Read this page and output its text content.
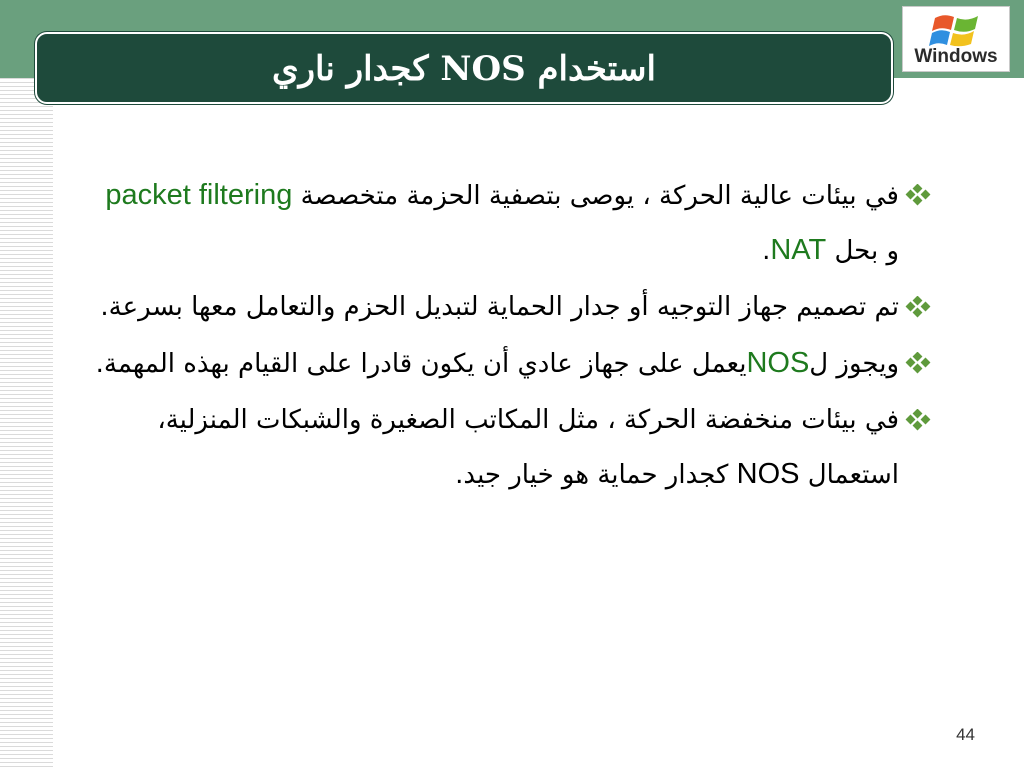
استخدام NOS كجدار ناري	Windows
في بيئات عالية الحركة ، يوصى بتصفية الحزمة متخصصة packet filtering و بحل NAT.
تم تصميم جهاز التوجيه أو جدار الحماية لتبديل الحزم والتعامل معها بسرعة.
ويجوز لNOSيعمل على جهاز عادي أن يكون قادرا على القيام بهذه المهمة.
في بيئات منخفضة الحركة ، مثل المكاتب الصغيرة والشبكات المنزلية، استعمال NOS كجدار حماية هو خيار جيد.
44
